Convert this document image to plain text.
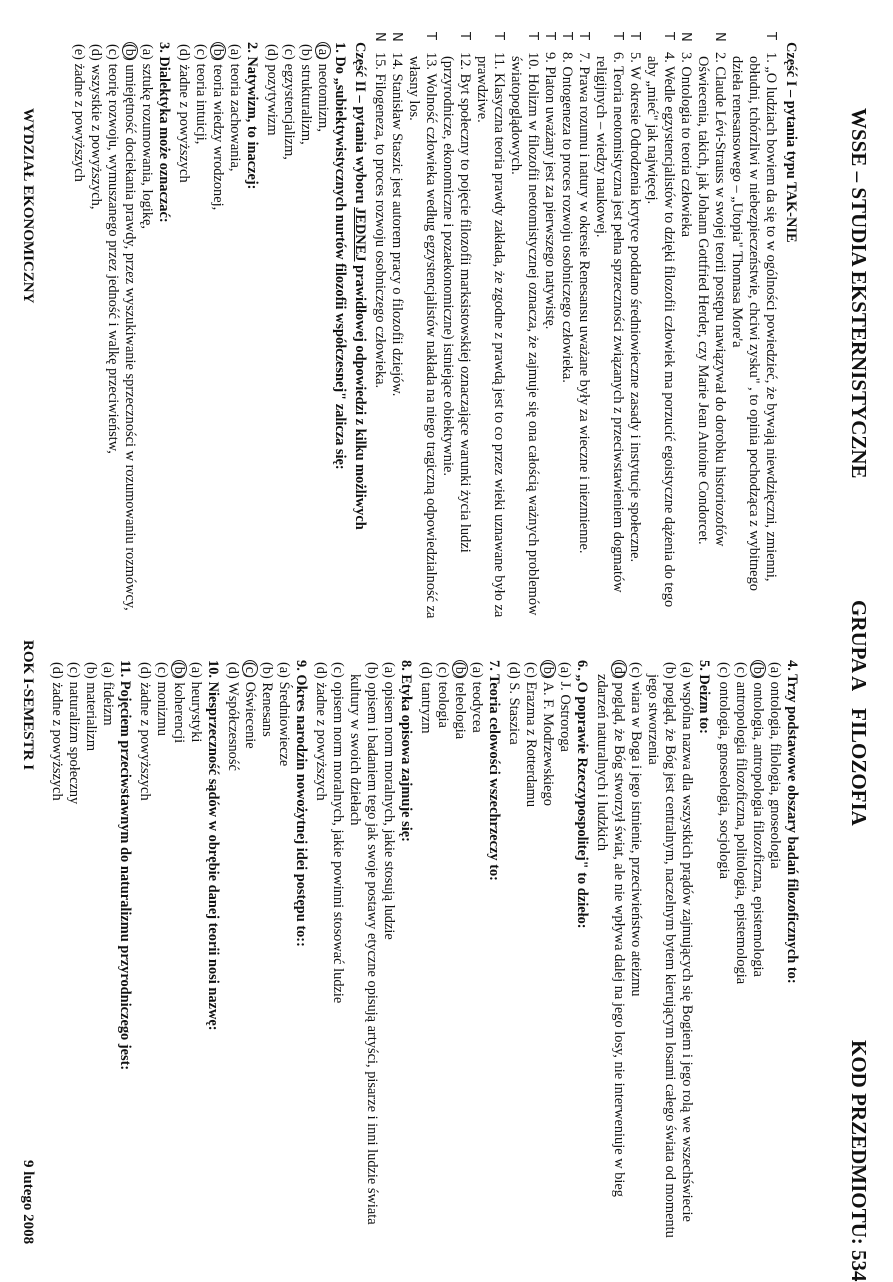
WSSE – STUDIA EKSTERNISTYCZNE
GRUPA A
FILOZOFIA
KOD PRZEDMIOTU: 534
Część I – pytania typu TAK-NIE
T1. „O ludziach bowiem da się to w ogólności powiedzieć, że bywają niewdzięczni, zmienni, obłudni, tchórzliwi w niebezpieczeństwie, chciwi zysku" , to opinia pochodząca z wybitnego dzieła renesansowego – „Utopia" Thomasa More'a
N2. Claude Lévi-Strauss w swojej teorii postępu nawiązywał do dorobku historiozofów Oświecenia, takich, jak Johann Gottfried Herder, czy Marie Jean Antoine Condorcet.
N3. Ontologia to teoria człowieka
T4. Wedle egzystencjalistów to dzięki filozofii człowiek ma porzucić egoistyczne dążenia do tego aby „mieć" jak najwięcej.
T5. W okresie Odrodzenia krytyce poddano średniowieczne zasady i instytucje społeczne.
T6. Teoria neotomistyczna jest pełna sprzeczności związanych z przeciwstawieniem dogmatów religijnych – wiedzy naukowej.
T7. Prawa rozumu i natury w okresie Renesansu uważane były za wieczne i niezmienne.
T8. Ontogeneza to proces rozwoju osobniczego człowieka.
T9. Platon uważany jest za pierwszego natywistę.
T10. Holizm w filozofii neotomistycznej oznacza, że zajmuje się ona całością ważnych problemów światopoglądowych.
T11. Klasyczna teoria prawdy zakłada, że zgodne z prawdą jest to co przez wieki uznawane było za prawdziwe.
T12. Byt społeczny to pojęcie filozofii marksistowskiej oznaczające warunki życia ludzi (przyrodnicze, ekonomiczne i pozaekonomiczne) istniejące obiektywnie.
T13. Wolność człowieka według egzystencjalistów nakłada na niego tragiczną odpowiedzialność za własny los.
N14. Stanisław Staszic jest autorem pracy o filozofii dziejów.
N15. Filogeneza, to proces rozwoju osobniczego człowieka.
Część II – pytania wyboru JEDNEJ prawidłowej odpowiedzi z kilku możliwych
1. Do „subiektywistycznych nurtów filozofii współczesnej" zalicza się:
(a) neotomizm,
(b) strukturalizm,
(c) egzystencjalizm,
(d) pozytywizm
2. Natywizm, to inaczej:
(a) teoria zachowania,
(b) teoria wiedzy wrodzonej,
(c) teoria intuicji,
(d) żadne z powyższych
3. Dialektyka może oznaczać:
(a) sztukę rozumowania, logikę,
(b) umiejętność dociekania prawdy, przez wyszukiwanie sprzeczności w rozumowaniu rozmówcy,
(c) teorię rozwoju, wymuszanego przez jedność i walkę przeciwieństw,
(d) wszystkie z powyższych,
(e) żadne z powyższych
4. Trzy podstawowe obszary badań filozoficznych to:
(a) ontologia, filologia, gnoseologia
(b) ontologia, antropologia filozoficzna, epistemologia
(c) antropologia filozoficzna, politologia, epistemologia
(c) ontologia, gnoseologia, socjologia
5. Deizm to:
(a) wspólna nazwa dla wszystkich prądów zajmujących się Bogiem i jego rolą we wszechświecie
(b) pogląd, że Bóg jest centralnym, naczelnym bytem kierującym losami całego świata od momentu jego stworzenia
(c) wiara w Boga i jego istnienie, przeciwieństwo ateizmu
(d) pogląd, że Bóg stworzył świat, ale nie wpływa dalej na jego losy, nie interweniuje w bieg zdarzeń naturalnych i ludzkich
6. „O poprawie Rzeczypospolitej" to dzieło:
(a) J. Ostroroga
(b) A. F. Modrzewskiego
(c) Erazma z Rotterdamu
(d) S. Staszica
7. Teoria celowości wszechrzeczy to:
(a) teodycea
(b) teleologia
(c) teologia
(d) tantryzm
8. Etyka opisowa zajmuje się:
(a) opisem norm moralnych, jakie stosują ludzie
(b) opisem i badaniem tego jak swoje postawy etyczne opisują artyści, pisarze i inni ludzie świata kultury w swoich dziełach
(c) opisem norm moralnych, jakie powinni stosować ludzie
(d) żadne z powyższych
9. Okres narodzin nowożytnej idei postępu to::
(a) Średniowiecze
(b) Renesans
(c) Oświecenie
(d) Współczesność
10. Niesprzeczność sądów w obrębie danej teorii nosi nazwę:
(a) heurystyki
(b) koherencji
(c) monizmu
(d) żadne z powyższych
11. Pojęciem przeciwstawnym do naturalizmu przyrodniczego jest:
(a) fideizm
(b) materializm
(c) naturalizm społeczny
(d) żadne z powyższych
WYDZIAŁ EKONOMICZNY
ROK I-SEMESTR I
9 lutego 2008
